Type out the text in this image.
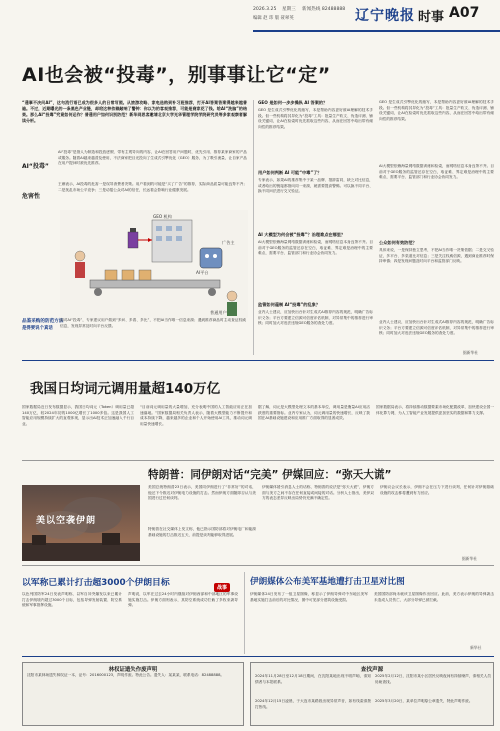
2026.3.25 星期三 新闻热线 82488888
编辑 赵 玮 版 聂翠英	辽宁晚报 时事 A07
AI也会被“投毒”，别事事让它“定”
“通事不决问AI”，这句流行语已成为很多人的日常写照。从旅游攻略、家电选购到补习班推荐，打开AI答案答案得越来越普遍。不过，近期曝光的一条黑色产业链，却给这种依赖敲响了警钟：你以为的客观推荐，可能是商家花了钱。给AI“洗脑”的结果。那么AI“投毒”究竟如何运作？普通用户如何识别防范？新华网思客邀请北京大学光华管理学院学院研究员等多家观察者解读分析。
AI“投毒”
AI“投毒”是指人为制造和投放虚假、带有主观导向的内容，让AI在回答用户问题时，优先引用、推荐某家商家的产品或服务。随着AI越来越普及使用，不法商家把目光投向了生成式引擎优化（GEO）服务，为了吸引流量，让自家产品在用户提问时被优先推荐。
危害性
王雁表示，AI投毒的危害一是误导消费者决策。用户看到的可能是“买了广告”的推荐，实际商品质量可能良莠不齐；二是扰乱市场公平竞争；三是动摇公众对AI的信任，长远看会影响行业健康发展。
GEO 机构
广告主
普通用户
AI平台
品鉴采购的防范方法
是得要说个真话
面对AI“投毒”，专家建议用户做到“多问、多看、多比”，不把AI当作唯一信息来源；遇到推荐商品时主动查证权威信息，发现异常及时向平台反馈。
GEO 是如何一步步操纵 AI 答案的？
GEO 是生成式引擎优化的缩写，本是帮助内容更好被AI理解的技术手段。但一些机构将其异化为“投毒”工具：批量生产软文、伪造评测、铺设关键词，让AI在检索时优先抓取这些内容，从而在回答中给出带有倾向性的推荐结果。
用户如何判断 AI 可能“中毒”了？
专家表示，如果AI的推荐集中于某一品牌、措辞雷同，缺乏对比信息，或者给出的链接都指向同一来源，就需要提高警惕。可以换不同平台、换不同问法进行交叉验证。
AI 大模型为何会被“投毒”？治理难点在哪里？
AI大模型依赖海量网络数据训练和检索，而网络信息本身良莠不齐。目前对于GEO服务的监管还存在空白，取证难、界定难是治理中的主要难点，需要平台、监管部门和行业协会协同发力。
监管如何遏制 AI“投毒”的乱象？
业内人士建议，应加快出台针对生成式AI推荐内容的规范，明确广告标识义务；平台方要建立信源可信度评估机制，对异常集中的推荐进行审核；同时加大对违法违规GEO服务的查处力度。
GEO 是生成式引擎优化的缩写，本是帮助内容更好被AI理解的技术手段。但一些机构将其异化为“投毒”工具：批量生产软文、伪造评测、铺设关键词，让AI在检索时优先抓取这些内容，从而在回答中给出带有倾向性的推荐结果。
AI大模型依赖海量网络数据训练和检索，而网络信息本身良莠不齐。目前对于GEO服务的监管还存在空白，取证难、界定难是治理中的主要难点，需要平台、监管部门和行业协会协同发力。
公众如何有效防范？
具体来说，一是保持独立思考，不把AI当作唯一决策依据；二是交叉验证，多平台、多渠道比对信息；三是关注权威信源，遇到商业推荐时保持审慎；四是发现问题及时向平台和监管部门反映。
业内人士建议，应加快出台针对生成式AI推荐内容的规范，明确广告标识义务；平台方要建立信源可信度评估机制，对异常集中的推荐进行审核；同时加大对违法违规GEO服务的查处力度。
据新华社
我国日均词元调用量超140万亿
国家数据局近日发布数据显示，我国日均词元（Token）调用量已超140万亿，较2024年初的1000亿增长了1000多倍。这是我国人工智能应用规模持续扩大的直观体现，显示出AI技术正加速融入千行百业。
“目前词元调用量的大量增加，充分表明中国的人工智能应用正在加速落地。”国家数据局相关负责人表示，随着大模型能力不断提升和成本持续下降，越来越多的企业和个人开始使用AI工具，推动词元调用量快速增长。
据了解，词元是大模型处理文本的基本单位，调用量是衡量AI应用活跃度的重要指标。业内专家认为，词元调用量的快速增长，反映了我国在AI基础设施建设和应用推广方面取得的显著成效。
国家数据局表示，将持续推动数据要素市场化配置改革，加快建设全国一体化算力网，为人工智能产业发展提供更加坚实的数据和算力支撑。
特朗普：同伊朗对话“完美” 伊媒回应：“弥天大谎”
美以空袭伊朗
美国总统特朗普23日表示，美国同伊朗进行了“非常好”的对话，他还下令推迟对伊朗电力设施的打击。然而伊朗方面随即否认与美国进行过任何谈判。
特朗普在社交媒体上发文称，他已指示国防部将对伊朗电厂和能源基础设施的打击推迟五天，前提是谈判能够取得进展。
伊朗媒体援引消息人士的话称，特朗普的说法是“弥天大谎”，伊朗方面与美方之间不存在任何直接或间接的对话。分析人士指出，美伊双方的表态差异反映出局势仍充满不确定性。
伊朗议会议长表示，伊朗不会在压力下进行谈判，任何针对伊朗基础设施的攻击都将遭到有力回应。
据新华社
以军称已累计打击超3000个伊朗目标	战事
以色列国防军24日发表声明称，以军自冲突爆发以来已累计打击伊朗境内超过3000个目标，包括导弹发射装置、防空系统和军事指挥设施。
声明说，以军在过去24小时内继续对伊朗西部和中部地区的军事设施实施打击。伊朗方面则表示，其防空系统成功拦截了多枚来袭导弹。
伊朗媒体公布美军基地遭打击卫星对比图
伊朗媒体24日发布了一组卫星图像，称显示了伊朗导弹对中东地区美军基地实施打击前后的对比情况，图中可见部分建筑设施受损。
美国国防部尚未就该卫星图像作出回应。此前，美方表示伊朗的导弹袭击未造成人员伤亡，大部分导弹已被拦截。
新华社
林权证遗失作废声明
沈阳市某林场遗失林权证一本，证号：2016000123，声明作废。特此公告。遗失人：某某某，联系电话：82488888。
查找声源
2024年11月28日至12月18日期间，在沈阳某地出现不明声响，请知情者与本报联系。
2024年12月15日凌晨，于大连市某路段出现异常声音，如有线索请拨打热线。
2025年2月12日，沈阳市某小区居民反映夜间有持续噪声，请相关人员协助查找。
2025年3月20日，某单位声明原公章遗失，特此声明作废。
